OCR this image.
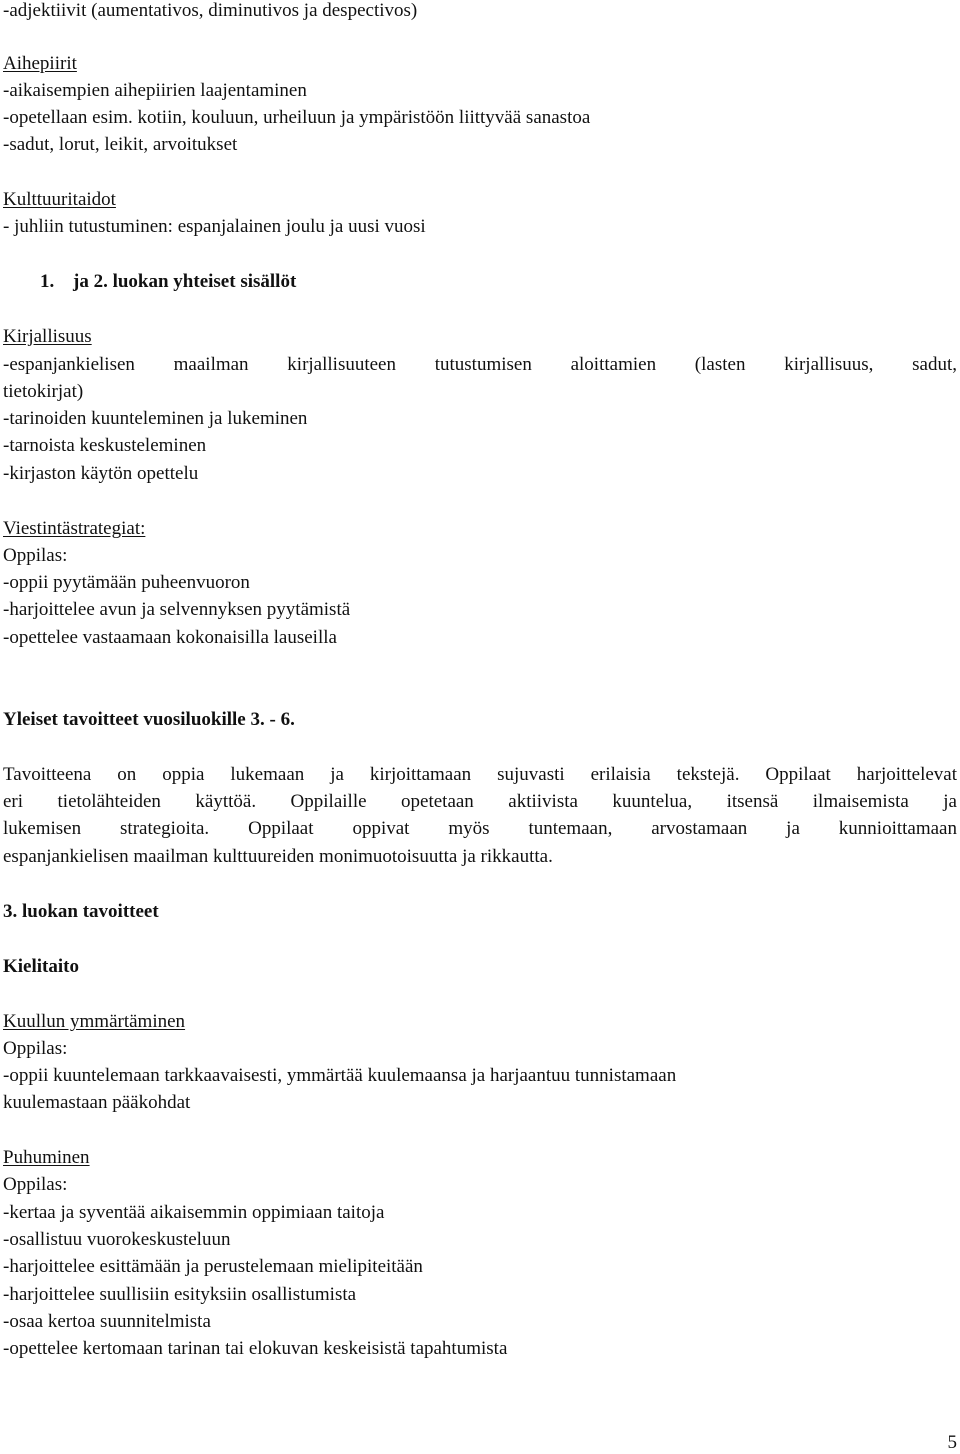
-adjektiivit (aumentativos, diminutivos ja despectivos)
Aihepiirit
-aikaisempien aihepiirien laajentaminen
-opetellaan esim. kotiin, kouluun, urheiluun ja ympäristöön liittyvää sanastoa
-sadut, lorut, leikit, arvoitukset
Kulttuuritaidot
- juhliin tutustuminen: espanjalainen joulu ja uusi vuosi
1. ja 2. luokan yhteiset sisällöt
Kirjallisuus
-espanjankielisen maailman kirjallisuuteen tutustumisen aloittamien (lasten kirjallisuus, sadut,
tietokirjat)
-tarinoiden kuunteleminen ja lukeminen
-tarnoista keskusteleminen
-kirjaston käytön opettelu
Viestintästrategiat:
Oppilas:
-oppii pyytämään puheenvuoron
-harjoittelee avun ja selvennyksen pyytämistä
-opettelee vastaamaan kokonaisilla lauseilla
Yleiset tavoitteet vuosiluokille 3. - 6.
Tavoitteena on oppia lukemaan ja kirjoittamaan sujuvasti erilaisia tekstejä. Oppilaat harjoittelevat
eri tietolähteiden käyttöä. Oppilaille opetetaan aktiivista kuuntelua, itsensä ilmaisemista ja
lukemisen strategioita. Oppilaat oppivat myös tuntemaan, arvostamaan ja kunnioittamaan
espanjankielisen maailman kulttuureiden monimuotoisuutta ja rikkautta.
3. luokan tavoitteet
Kielitaito
Kuullun ymmärtäminen
Oppilas:
-oppii kuuntelemaan tarkkaavaisesti, ymmärtää kuulemaansa ja harjaantuu tunnistamaan
kuulemastaan pääkohdat
Puhuminen
Oppilas:
-kertaa ja syventää aikaisemmin oppimiaan taitoja
-osallistuu vuorokeskusteluun
-harjoittelee esittämään ja perustelemaan mielipiteitään
-harjoittelee suullisiin esityksiin osallistumista
-osaa kertoa suunnitelmista
-opettelee kertomaan tarinan tai elokuvan keskeisistä tapahtumista
5
